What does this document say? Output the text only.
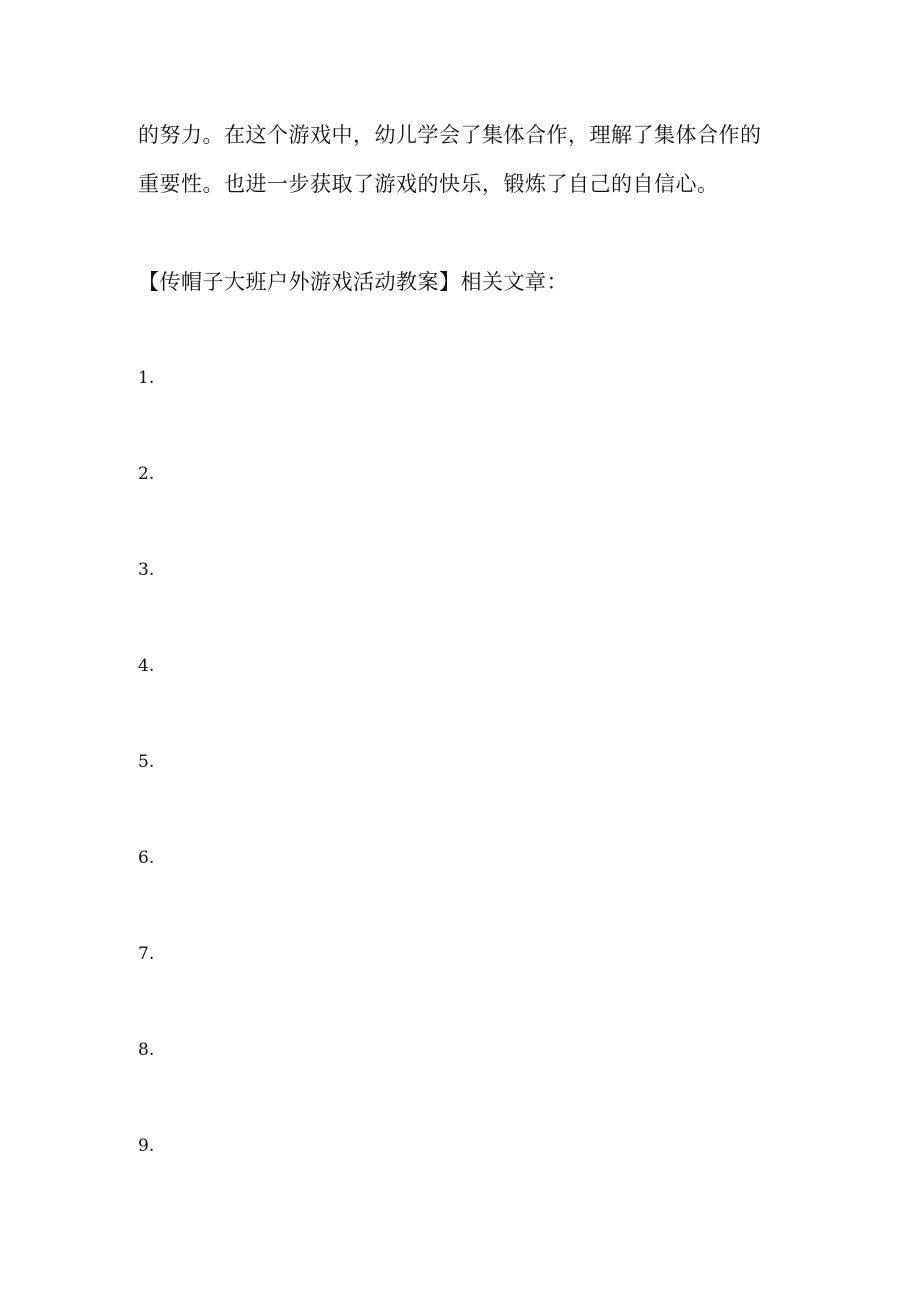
的努力。在这个游戏中，幼儿学会了集体合作，理解了集体合作的
重要性。也进一步获取了游戏的快乐，锻炼了自己的自信心。
【传帽子大班户外游戏活动教案】相关文章：
1.
2.
3.
4.
5.
6.
7.
8.
9.
